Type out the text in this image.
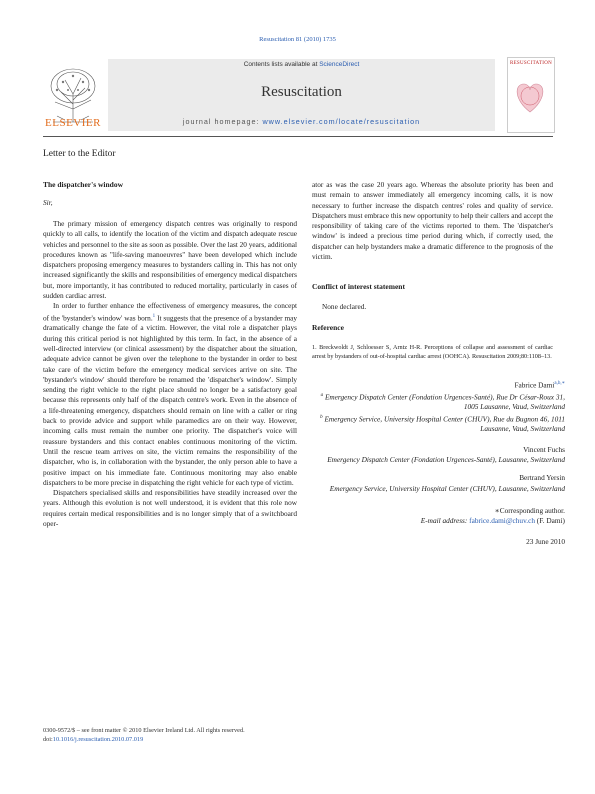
Resuscitation 81 (2010) 1735
ELSEVIER
Contents lists available at ScienceDirect
Resuscitation
journal homepage: www.elsevier.com/locate/resuscitation
RESUSCITATION
Letter to the Editor
The dispatcher's window
Sir,

The primary mission of emergency dispatch centres was originally to respond quickly to all calls, to identify the location of the victim and dispatch adequate rescue vehicles and personnel to the site as soon as possible. Over the last 20 years, additional procedures known as "life-saving manoeuvres" have been developed which include dispatchers proposing emergency measures to bystanders calling in. This has not only increased significantly the skills and responsibilities of emergency medical dispatchers but, more importantly, it has contributed to reduced mortality, particularly in cases of sudden cardiac arrest.

In order to further enhance the effectiveness of emergency measures, the concept of the 'bystander's window' was born.$^1$ It suggests that the presence of a bystander may dramatically change the fate of a victim. However, the vital role a dispatcher plays during this critical period is not highlighted by this term. In fact, in the absence of a well-directed interview (or clinical assessment) by the dispatcher about the situation, adequate advice cannot be given over the telephone to the bystander in order to best take care of the victim before the emergency medical services arrive on site. The 'bystander's window' should therefore be renamed the 'dispatcher's window'. Simply sending the right vehicle to the right place should no longer be a satisfactory goal because this represents only half of the dispatch centre's work. Even in the absence of a life-threatening emergency, dispatchers should remain on line with a caller or ring back to provide advice and support while paramedics are on their way. However, incoming calls must remain the number one priority. The dispatcher's voice will reassure bystanders and this contact enables continuous monitoring of the victim. Until the rescue team arrives on site, the victim remains the responsibility of the dispatcher, who is, in collaboration with the bystander, the only person able to have a positive impact on his immediate fate. Continuous monitoring may also enable dispatchers to be more precise in dispatching the right vehicle for each type of victim.

Dispatchers specialised skills and responsibilities have steadily increased over the years. Although this evolution is not well understood, it is evident that this role now requires certain medical responsibilities and is no longer simply that of a switchboard oper-

ator as was the case 20 years ago. Whereas the absolute priority has been and must remain to answer immediately all emergency incoming calls, it is now necessary to further increase the dispatch centres' roles and quality of service. Dispatchers must embrace this new opportunity to help their callers and accept the responsibility of taking care of the victims reported to them. The 'dispatcher's window' is indeed a precious time period during which, if correctly used, the dispatcher can help bystanders make a dramatic difference to the prognosis of the victim.

Conflict of interest statement
None declared.
Reference
1. Breckwoldt J, Schloesser S, Arntz H-R. Perceptions of collapse and assessment of cardiac arrest by bystanders of out-of-hospital cardiac arrest (OOHCA). Resuscitation 2009;80:1108–13.
Fabrice Dami$^{a,b,∗}$
$^a$ Emergency Dispatch Center (Fondation Urgences-Santé), Rue Dr César-Roux 31, 1005 Lausanne, Vaud, Switzerland
$^b$ Emergency Service, University Hospital Center (CHUV), Rue du Bugnon 46, 1011 Lausanne, Vaud, Switzerland
Vincent Fuchs
Emergency Dispatch Center (Fondation Urgences-Santé), Lausanne, Switzerland
Bertrand Yersin
Emergency Service, University Hospital Center (CHUV), Lausanne, Switzerland
∗Corresponding author.
E-mail address: fabrice.dami@chuv.ch (F. Dami)
23 June 2010
0300-9572/$ – see front matter © 2010 Elsevier Ireland Ltd. All rights reserved.
doi:10.1016/j.resuscitation.2010.07.019
